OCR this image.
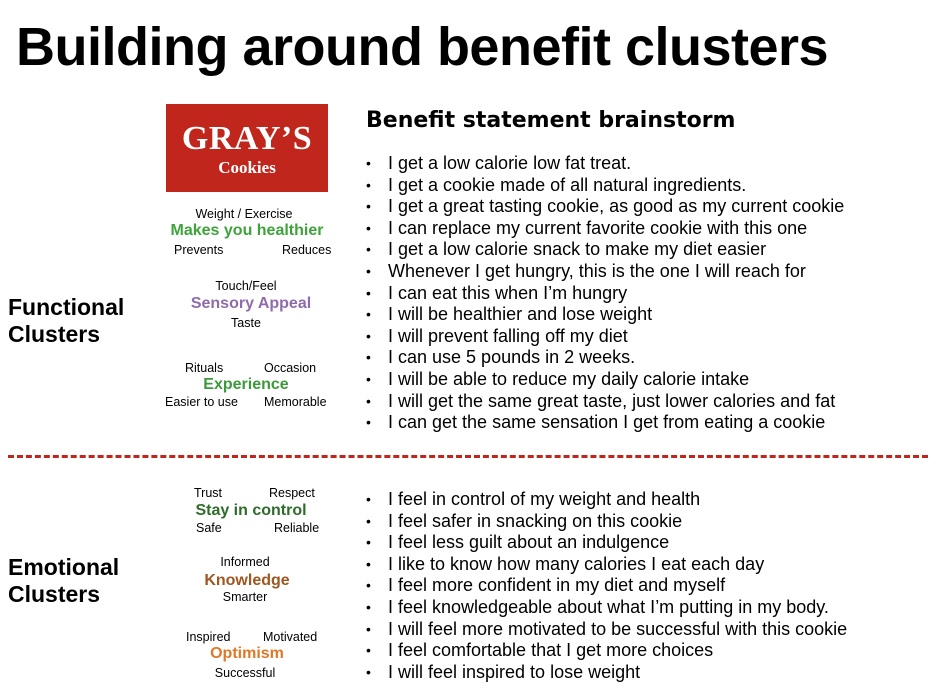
Building around benefit clusters
GRAY’S
Cookies
Benefit statement brainstorm
Functional
Clusters
Weight / Exercise
Makes you healthier
Prevents	Reduces
Touch/Feel
Sensory Appeal
Taste
Rituals	Occasion
Experience
Easier to use Memorable
• I get a low calorie low fat treat.
• I get a cookie made of all natural ingredients.
• I get a great tasting cookie, as good as my current cookie
• I can replace my current favorite cookie with this one
• I get a low calorie snack to make my diet easier
• Whenever I get hungry, this is the one I will reach for
• I can eat this when I’m hungry
• I will be healthier and lose weight
• I will prevent falling off my diet
• I can use 5 pounds in 2 weeks.
• I will be able to reduce my daily calorie intake
• I will get the same great taste, just lower calories and fat
• I can get the same sensation I get from eating a cookie
Emotional
Clusters
Trust	Respect
Stay in control
Safe	Reliable
Informed
Knowledge
Smarter
Inspired	Motivated
Optimism
Successful
• I feel in control of my weight and health
• I feel safer in snacking on this cookie
• I feel less guilt about an indulgence
• I like to know how many calories I eat each day
• I feel more confident in my diet and myself
• I feel knowledgeable about what I’m putting in my body.
• I will feel more motivated to be successful with this cookie
• I feel comfortable that I get more choices
• I will feel inspired to lose weight
